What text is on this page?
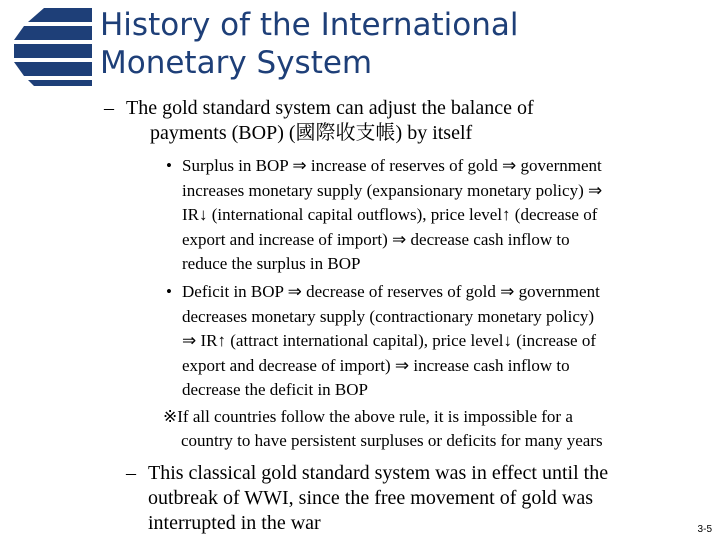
History of the International
Monetary System
– The gold standard system can adjust the balance of
payments (BOP) (國際收支帳) by itself
• Surplus in BOP ⇒ increase of reserves of gold ⇒ government
increases monetary supply (expansionary monetary policy) ⇒
IR↓ (international capital outflows), price level↑ (decrease of
export and increase of import) ⇒ decrease cash inflow to
reduce the surplus in BOP
• Deficit in BOP ⇒ decrease of reserves of gold ⇒ government
decreases monetary supply (contractionary monetary policy)
⇒ IR↑ (attract international capital), price level↓ (increase of
export and decrease of import) ⇒ increase cash inflow to
decrease the deficit in BOP
※If all countries follow the above rule, it is impossible for a
country to have persistent surpluses or deficits for many years
– This classical gold standard system was in effect until the
outbreak of WWI, since the free movement of gold was
interrupted in the war	3-5
